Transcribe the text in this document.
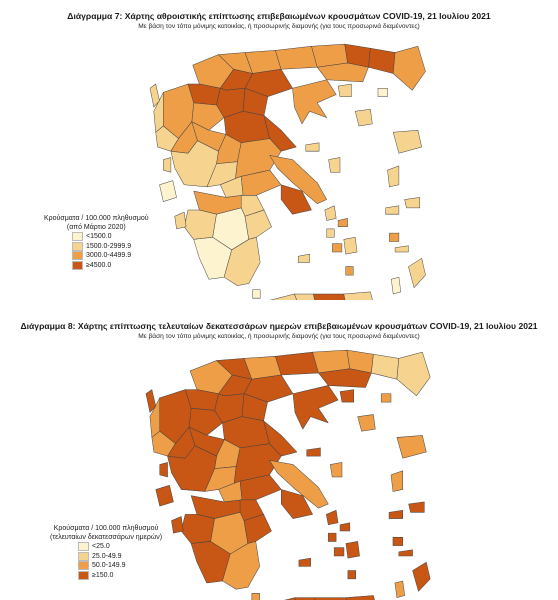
Διάγραμμα 7: Χάρτης αθροιστικής επίπτωσης επιβεβαιωμένων κρουσμάτων COVID-19, 21 Ιουλίου 2021
Με βάση τον τόπο μόνιμης κατοικίας, ή προσωρινής διαμονής (για τους προσωρινά διαμένοντες)
Κρούσματα / 100.000 πληθυσμού
(από Μάρτιο 2020)
<1500.0
1500.0-2999.9
3000.0-4499.9
≥4500.0
Διάγραμμα 8: Χάρτης επίπτωσης τελευταίων δεκατεσσάρων ημερών επιβεβαιωμένων κρουσμάτων COVID-19, 21 Ιουλίου 2021
Με βάση τον τόπο μόνιμης κατοικίας, ή προσωρινής διαμονής (για τους προσωρινά διαμένοντες)
Κρούσματα / 100.000 πληθυσμού
(τελευταίων δεκατεσσάρων ημερών)
<25.0
25.0-49.9
50.0-149.9
≥150.0
